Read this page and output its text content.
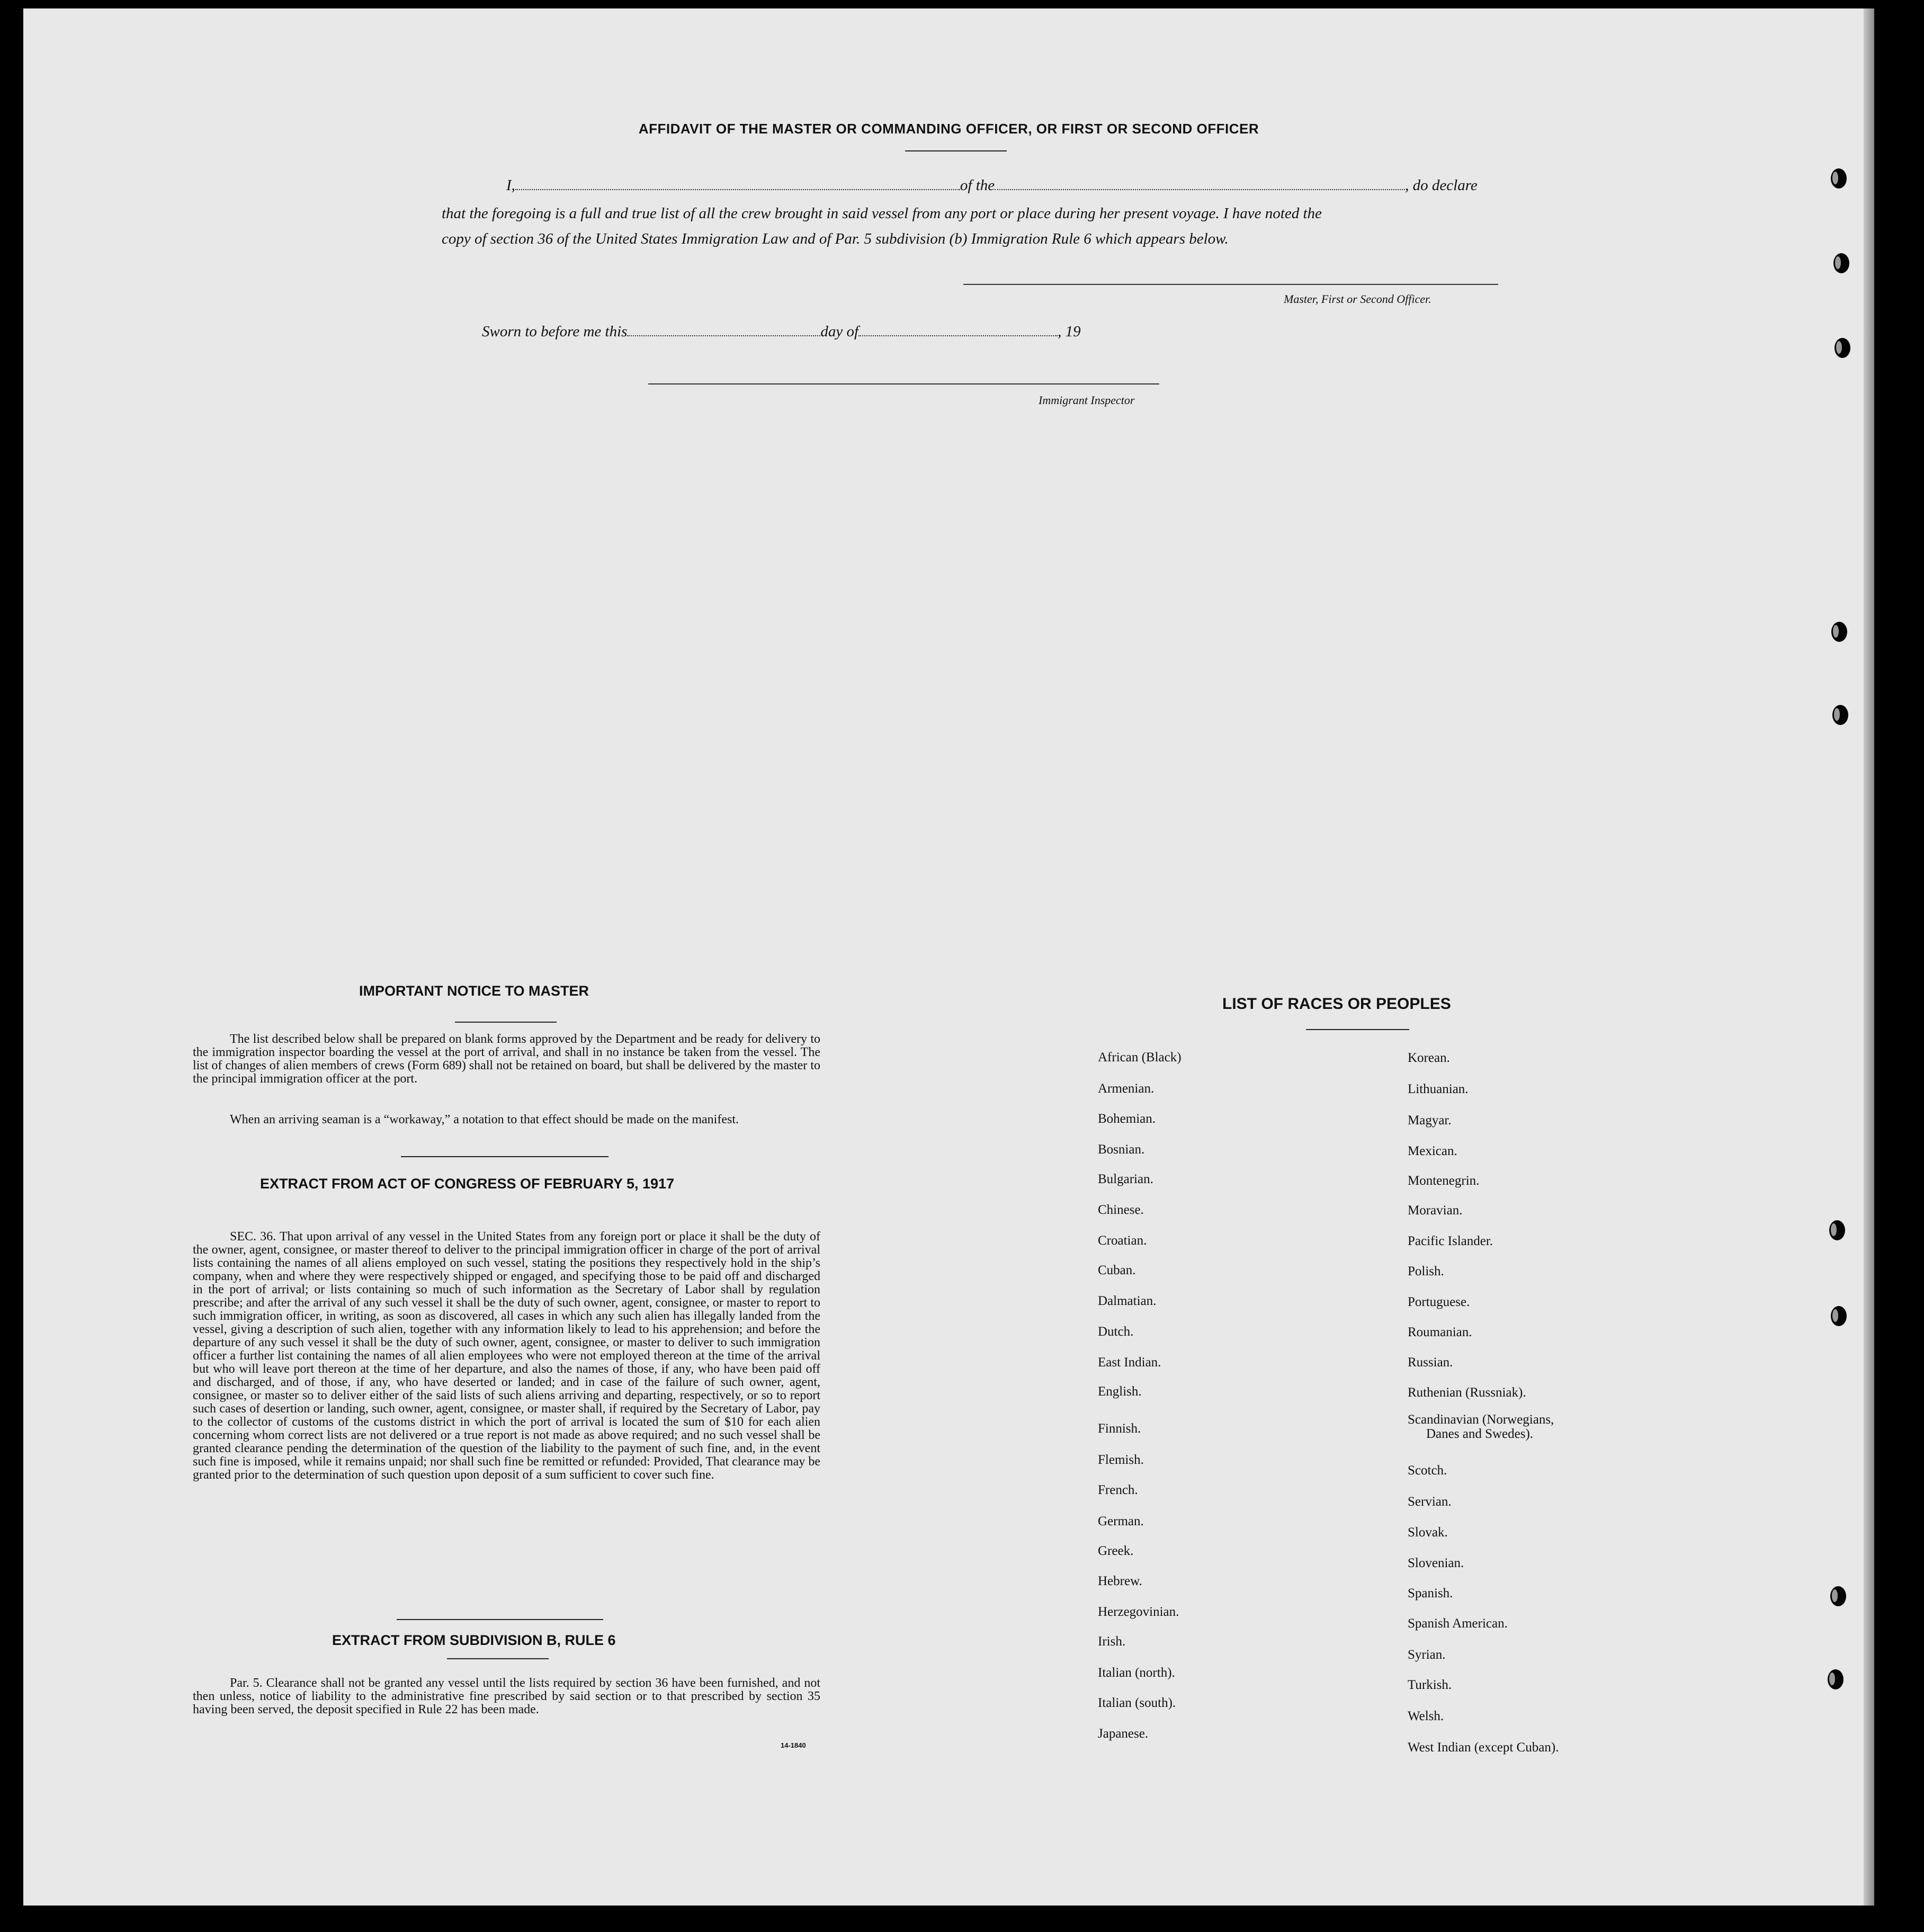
AFFIDAVIT OF THE MASTER OR COMMANDING OFFICER, OR FIRST OR SECOND OFFICER
I,	of the	, do declare
that the foregoing is a full and true list of all the crew brought in said vessel from any port or place during her present voyage. I have noted the
copy of section 36 of the United States Immigration Law and of Par. 5 subdivision (b) Immigration Rule 6 which appears below.
Master, First or Second Officer.
Sworn to before me this	day of	, 19
Immigrant Inspector
IMPORTANT NOTICE TO MASTER
The list described below shall be prepared on blank forms approved by the Department and be ready for delivery to the immigration inspector boarding the vessel at the port of arrival, and shall in no instance be taken from the vessel. The list of changes of alien members of crews (Form 689) shall not be retained on board, but shall be delivered by the master to the principal immigration officer at the port.
When an arriving seaman is a “workaway,” a notation to that effect should be made on the manifest.
EXTRACT FROM ACT OF CONGRESS OF FEBRUARY 5, 1917
SEC. 36. That upon arrival of any vessel in the United States from any foreign port or place it shall be the duty of the owner, agent, consignee, or master thereof to deliver to the principal immigration officer in charge of the port of arrival lists containing the names of all aliens employed on such vessel, stating the positions they respectively hold in the ship’s company, when and where they were respectively shipped or engaged, and specifying those to be paid off and discharged in the port of arrival; or lists containing so much of such information as the Secretary of Labor shall by regulation prescribe; and after the arrival of any such vessel it shall be the duty of such owner, agent, consignee, or master to report to such immigration officer, in writing, as soon as discovered, all cases in which any such alien has illegally landed from the vessel, giving a description of such alien, together with any information likely to lead to his apprehension; and before the departure of any such vessel it shall be the duty of such owner, agent, consignee, or master to deliver to such immigration officer a further list containing the names of all alien employees who were not employed thereon at the time of the arrival but who will leave port thereon at the time of her departure, and also the names of those, if any, who have been paid off and discharged, and of those, if any, who have deserted or landed; and in case of the failure of such owner, agent, consignee, or master so to deliver either of the said lists of such aliens arriving and departing, respectively, or so to report such cases of desertion or landing, such owner, agent, consignee, or master shall, if required by the Secretary of Labor, pay to the collector of customs of the customs district in which the port of arrival is located the sum of $10 for each alien concerning whom correct lists are not delivered or a true report is not made as above required; and no such vessel shall be granted clearance pending the determination of the question of the liability to the payment of such fine, and, in the event such fine is imposed, while it remains unpaid; nor shall such fine be remitted or refunded: Provided, That clearance may be granted prior to the determination of such question upon deposit of a sum sufficient to cover such fine.
EXTRACT FROM SUBDIVISION B, RULE 6
Par. 5. Clearance shall not be granted any vessel until the lists required by section 36 have been furnished, and not then unless, notice of liability to the administrative fine prescribed by said section or to that prescribed by section 35 having been served, the deposit specified in Rule 22 has been made.
14-1840
LIST OF RACES OR PEOPLES
African (Black)
Armenian.
Bohemian.
Bosnian.
Bulgarian.
Chinese.
Croatian.
Cuban.
Dalmatian.
Dutch.
East Indian.
English.
Finnish.
Flemish.
French.
German.
Greek.
Hebrew.
Herzegovinian.
Irish.
Italian (north).
Italian (south).
Japanese.
Korean.
Lithuanian.
Magyar.
Mexican.
Montenegrin.
Moravian.
Pacific Islander.
Polish.
Portuguese.
Roumanian.
Russian.
Ruthenian (Russniak).
Scandinavian (Norwegians,
Danes and Swedes).
Scotch.
Servian.
Slovak.
Slovenian.
Spanish.
Spanish American.
Syrian.
Turkish.
Welsh.
West Indian (except Cuban).
